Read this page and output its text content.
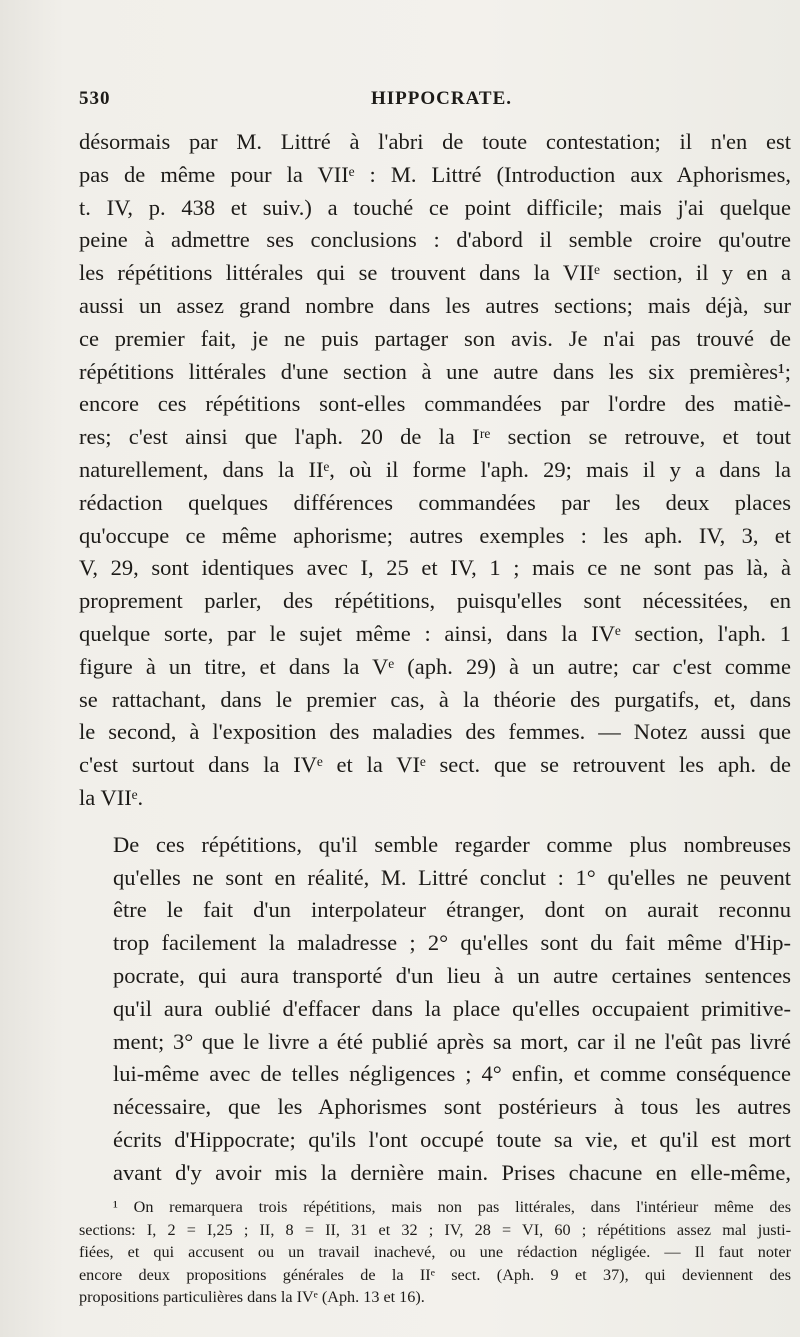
530	HIPPOCRATE.

désormais par M. Littré à l'abri de toute contestation; il n'en est
pas de même pour la VIIᵉ : M. Littré (Introduction aux Aphorismes,
t. IV, p. 438 et suiv.) a touché ce point difficile; mais j'ai quelque
peine à admettre ses conclusions : d'abord il semble croire qu'outre
les répétitions littérales qui se trouvent dans la VIIᵉ section, il y en a
aussi un assez grand nombre dans les autres sections; mais déjà, sur
ce premier fait, je ne puis partager son avis. Je n'ai pas trouvé de
répétitions littérales d'une section à une autre dans les six premières¹;
encore ces répétitions sont-elles commandées par l'ordre des matiè-
res; c'est ainsi que l'aph. 20 de la Iʳᵉ section se retrouve, et tout
naturellement, dans la IIᵉ, où il forme l'aph. 29; mais il y a dans la
rédaction quelques différences commandées par les deux places
qu'occupe ce même aphorisme; autres exemples : les aph. IV, 3, et
V, 29, sont identiques avec I, 25 et IV, 1 ; mais ce ne sont pas là, à
proprement parler, des répétitions, puisqu'elles sont nécessitées, en
quelque sorte, par le sujet même : ainsi, dans la IVᵉ section, l'aph. 1
figure à un titre, et dans la Vᵉ (aph. 29) à un autre; car c'est comme
se rattachant, dans le premier cas, à la théorie des purgatifs, et, dans
le second, à l'exposition des maladies des femmes. — Notez aussi que
c'est surtout dans la IVᵉ et la VIᵉ sect. que se retrouvent les aph. de
la VIIᵉ.

De ces répétitions, qu'il semble regarder comme plus nombreuses
qu'elles ne sont en réalité, M. Littré conclut : 1° qu'elles ne peuvent
être le fait d'un interpolateur étranger, dont on aurait reconnu
trop facilement la maladresse ; 2° qu'elles sont du fait même d'Hip-
pocrate, qui aura transporté d'un lieu à un autre certaines sentences
qu'il aura oublié d'effacer dans la place qu'elles occupaient primitive-
ment; 3° que le livre a été publié après sa mort, car il ne l'eût pas livré
lui-même avec de telles négligences ; 4° enfin, et comme conséquence
nécessaire, que les Aphorismes sont postérieurs à tous les autres
écrits d'Hippocrate; qu'ils l'ont occupé toute sa vie, et qu'il est mort
avant d'y avoir mis la dernière main. Prises chacune en elle-même,

¹ On remarquera trois répétitions, mais non pas littérales, dans l'intérieur même des
sections: I, 2 = I,25 ; II, 8 = II, 31 et 32 ; IV, 28 = VI, 60 ; répétitions assez mal justi-
fiées, et qui accusent ou un travail inachevé, ou une rédaction négligée. — Il faut noter
encore deux propositions générales de la IIᵉ sect. (Aph. 9 et 37), qui deviennent des
propositions particulières dans la IVᵉ (Aph. 13 et 16).
